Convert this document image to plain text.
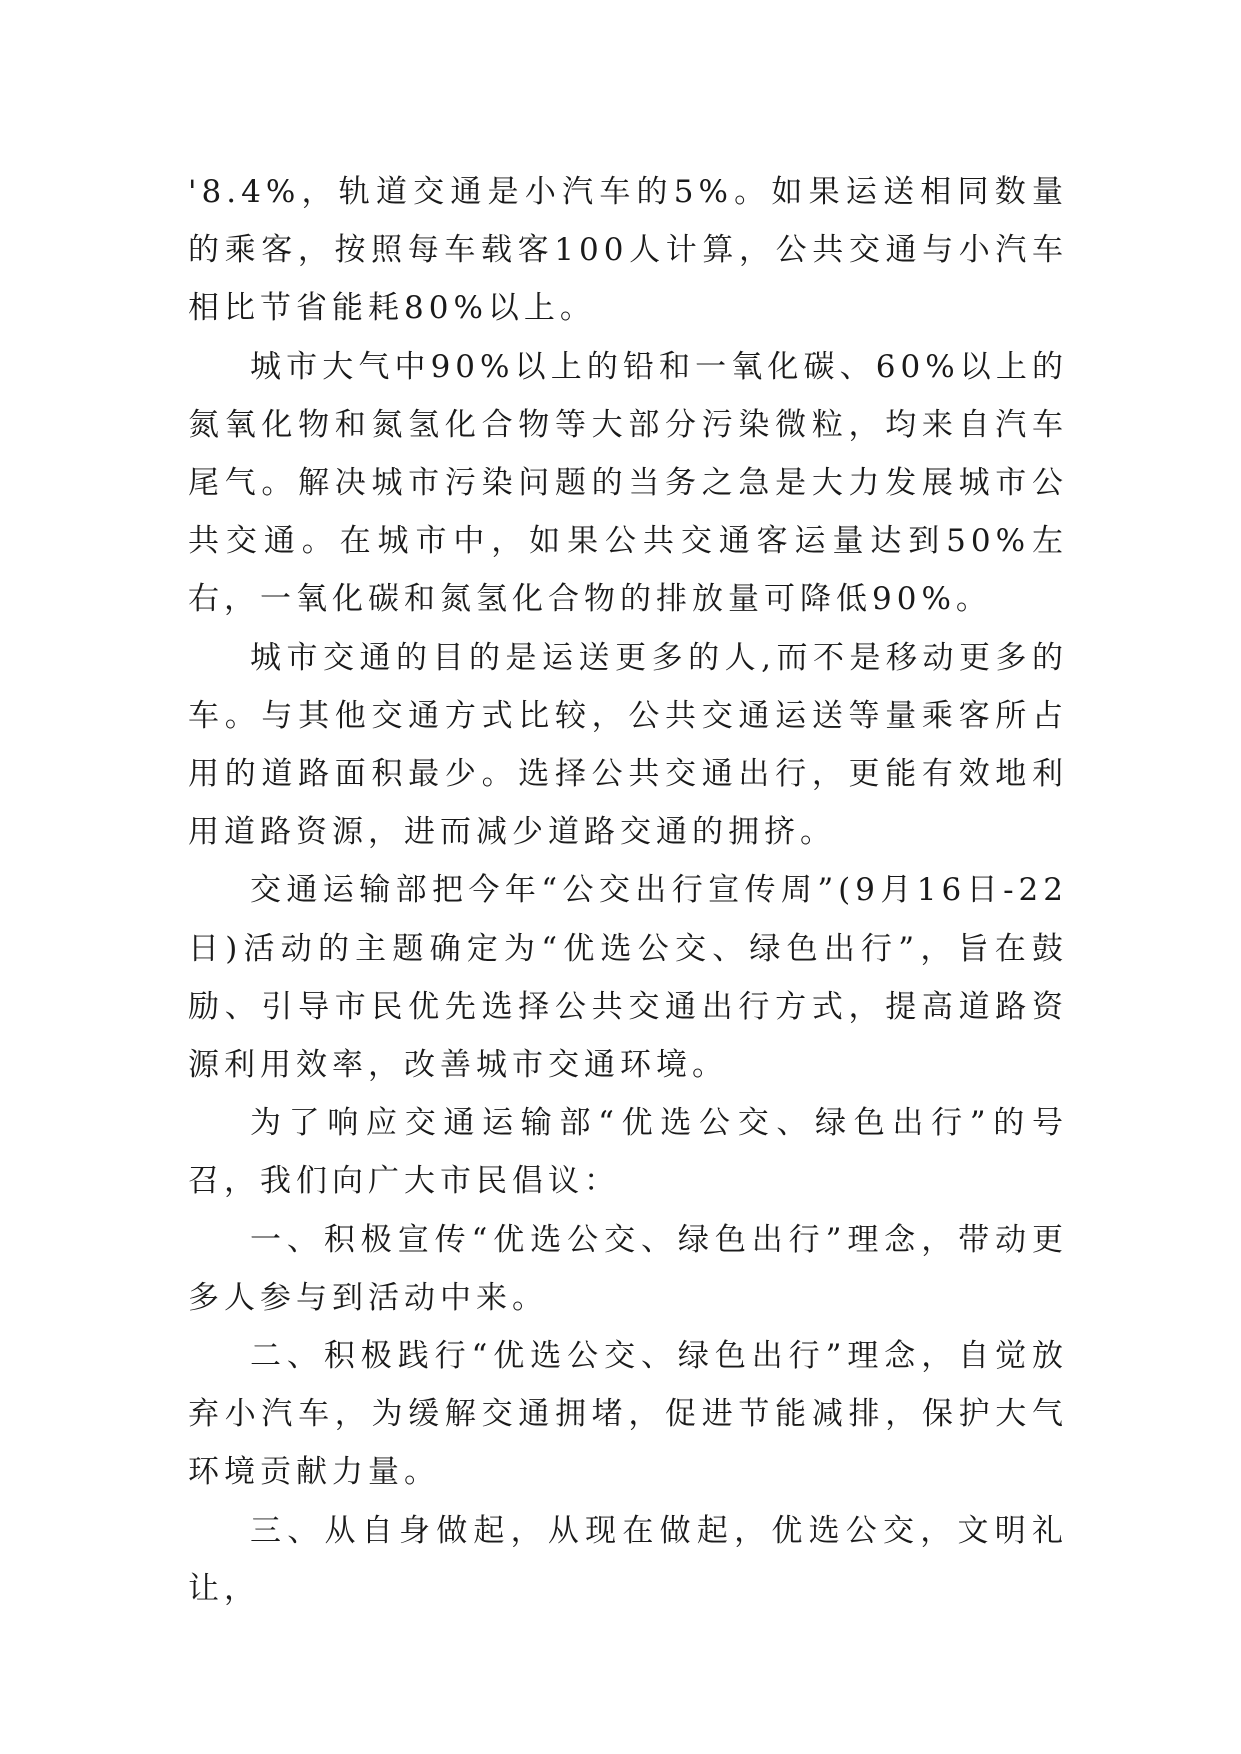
'8.4%，轨道交通是小汽车的5%。如果运送相同数量的乘客，按照每车载客100人计算，公共交通与小汽车相比节省能耗80%以上。

城市大气中90%以上的铅和一氧化碳、60%以上的氮氧化物和氮氢化合物等大部分污染微粒，均来自汽车尾气。解决城市污染问题的当务之急是大力发展城市公共交通。在城市中，如果公共交通客运量达到50%左右，一氧化碳和氮氢化合物的排放量可降低90%。

城市交通的目的是运送更多的人,而不是移动更多的车。与其他交通方式比较，公共交通运送等量乘客所占用的道路面积最少。选择公共交通出行，更能有效地利用道路资源，进而减少道路交通的拥挤。

交通运输部把今年“公交出行宣传周”(9月16日-22日)活动的主题确定为“优选公交、绿色出行”，旨在鼓励、引导市民优先选择公共交通出行方式，提高道路资源利用效率，改善城市交通环境。

为了响应交通运输部“优选公交、绿色出行”的号召，我们向广大市民倡议：

一、积极宣传“优选公交、绿色出行”理念，带动更多人参与到活动中来。

二、积极践行“优选公交、绿色出行”理念，自觉放弃小汽车，为缓解交通拥堵，促进节能减排，保护大气环境贡献力量。

三、从自身做起，从现在做起，优选公交，文明礼让，
